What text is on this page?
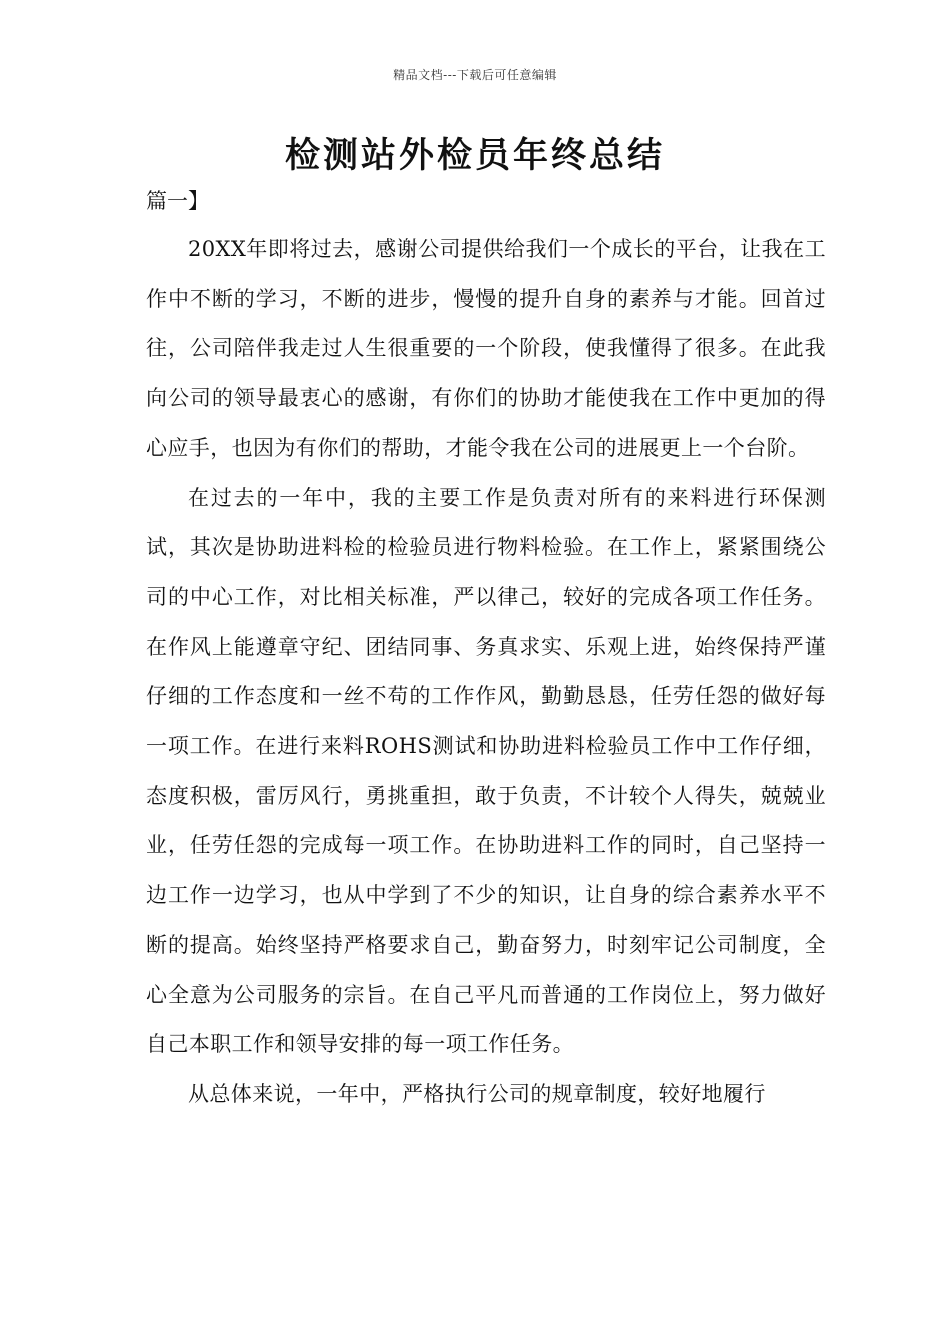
精品文档---下载后可任意编辑
检测站外检员年终总结
篇一】

20XX年即将过去，感谢公司提供给我们一个成长的平台，让我在工作中不断的学习，不断的进步，慢慢的提升自身的素养与才能。回首过往，公司陪伴我走过人生很重要的一个阶段，使我懂得了很多。在此我向公司的领导最衷心的感谢，有你们的协助才能使我在工作中更加的得心应手，也因为有你们的帮助，才能令我在公司的进展更上一个台阶。

在过去的一年中，我的主要工作是负责对所有的来料进行环保测试，其次是协助进料检的检验员进行物料检验。在工作上，紧紧围绕公司的中心工作，对比相关标准，严以律己，较好的完成各项工作任务。在作风上能遵章守纪、团结同事、务真求实、乐观上进，始终保持严谨仔细的工作态度和一丝不苟的工作作风，勤勤恳恳，任劳任怨的做好每一项工作。在进行来料ROHS测试和协助进料检验员工作中工作仔细，态度积极，雷厉风行，勇挑重担，敢于负责，不计较个人得失，兢兢业业，任劳任怨的完成每一项工作。在协助进料工作的同时，自己坚持一边工作一边学习，也从中学到了不少的知识，让自身的综合素养水平不断的提高。始终坚持严格要求自己，勤奋努力，时刻牢记公司制度，全心全意为公司服务的宗旨。在自己平凡而普通的工作岗位上，努力做好自己本职工作和领导安排的每一项工作任务。

从总体来说，一年中，严格执行公司的规章制度，较好地履行
